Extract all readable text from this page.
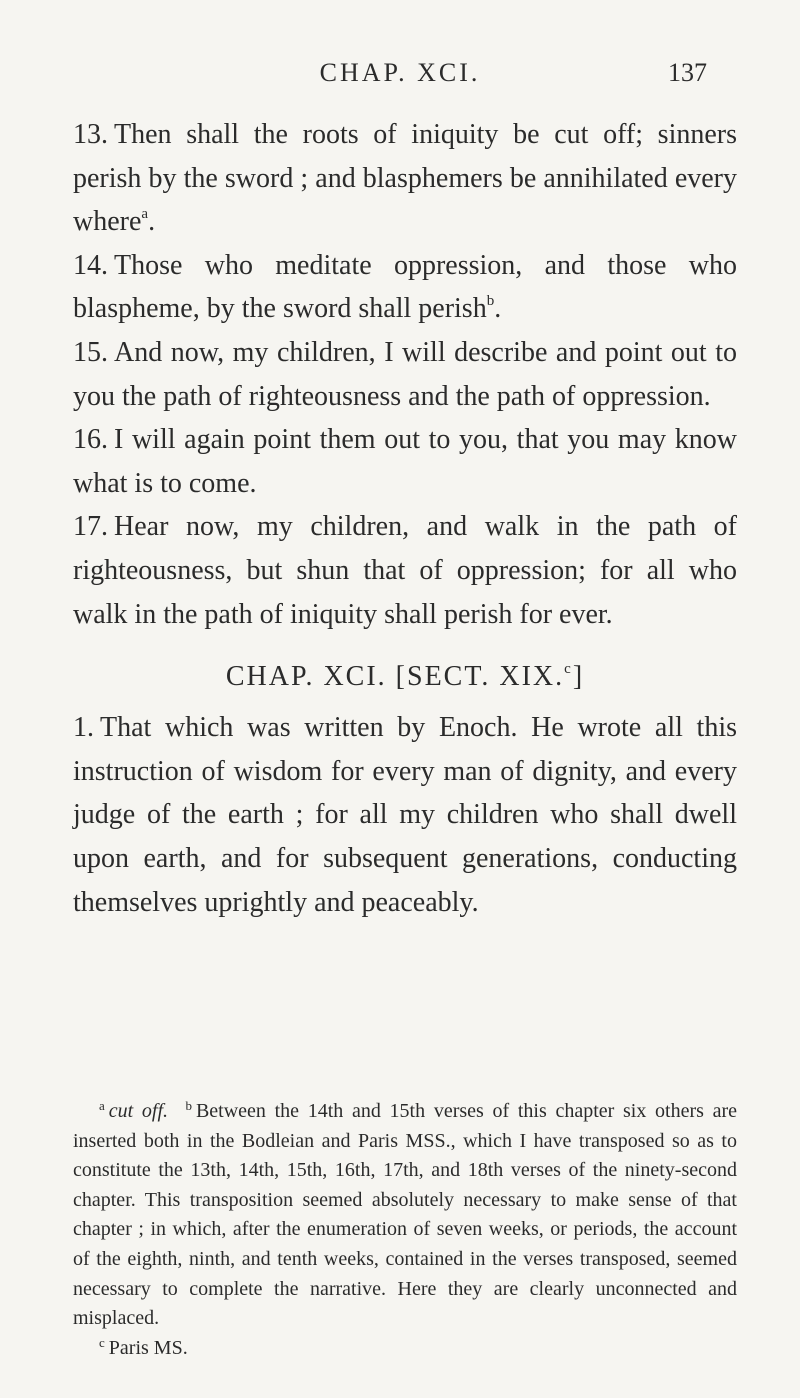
CHAP. XCI.	137

13. Then shall the roots of iniquity be cut off; sinners perish by the sword ; and blasphemers be annihilated every where$^a$.

14. Those who meditate oppression, and those who blaspheme, by the sword shall perish$^b$.

15. And now, my children, I will describe and point out to you the path of righteousness and the path of oppression.

16. I will again point them out to you, that you may know what is to come.

17. Hear now, my children, and walk in the path of righteousness, but shun that of oppression; for all who walk in the path of iniquity shall perish for ever.

CHAP. XCI. [SECT. XIX.$^c$]

1. That which was written by Enoch. He wrote all this instruction of wisdom for every man of dignity, and every judge of the earth ; for all my children who shall dwell upon earth, and for subsequent generations, conducting themselves uprightly and peaceably.

$^a$ cut off. $^b$ Between the 14th and 15th verses of this chapter six others are inserted both in the Bodleian and Paris MSS., which I have transposed so as to constitute the 13th, 14th, 15th, 16th, 17th, and 18th verses of the ninety-second chapter. This transposition seemed absolutely necessary to make sense of that chapter ; in which, after the enumeration of seven weeks, or periods, the account of the eighth, ninth, and tenth weeks, contained in the verses transposed, seemed necessary to complete the narrative. Here they are clearly unconnected and misplaced.

$^c$ Paris MS.
